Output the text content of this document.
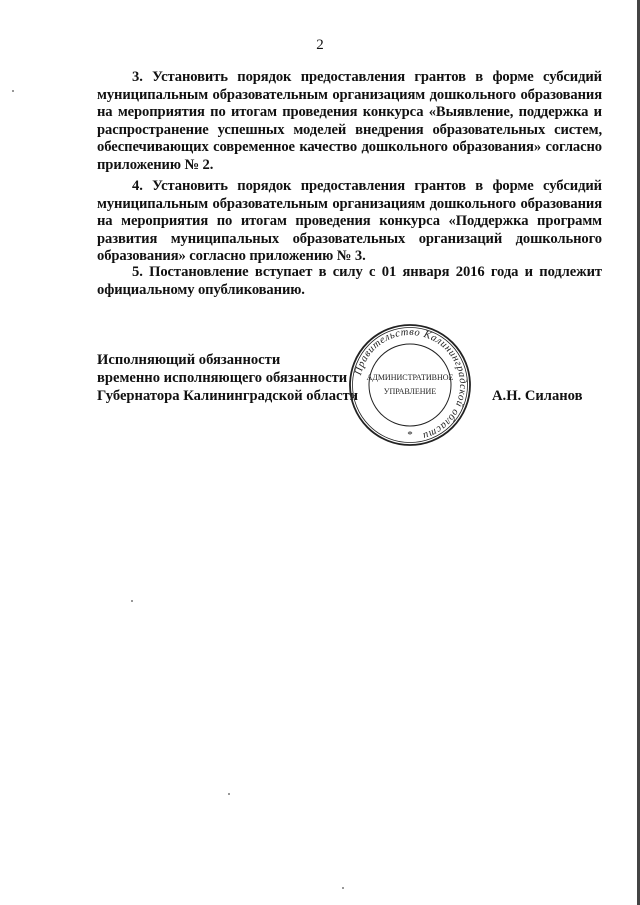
2
3. Установить порядок предоставления грантов в форме субсидий муниципальным образовательным организациям дошкольного образования на мероприятия по итогам проведения конкурса «Выявление, поддержка и распространение успешных моделей внедрения образовательных систем, обеспечивающих современное качество дошкольного образования» согласно приложению № 2.
4. Установить порядок предоставления грантов в форме субсидий муниципальным образовательным организациям дошкольного образования на мероприятия по итогам проведения конкурса «Поддержка программ развития муниципальных образовательных организаций дошкольного образования» согласно приложению № 3.
5. Постановление вступает в силу с 01 января 2016 года и подлежит официальному опубликованию.
Исполняющий обязанности
временно исполняющего обязанности
Губернатора Калининградской области	А.Н. Силанов
Правительство Калининградской области
АДМИНИСТРАТИВНОЕ
УПРАВЛЕНИЕ
*
